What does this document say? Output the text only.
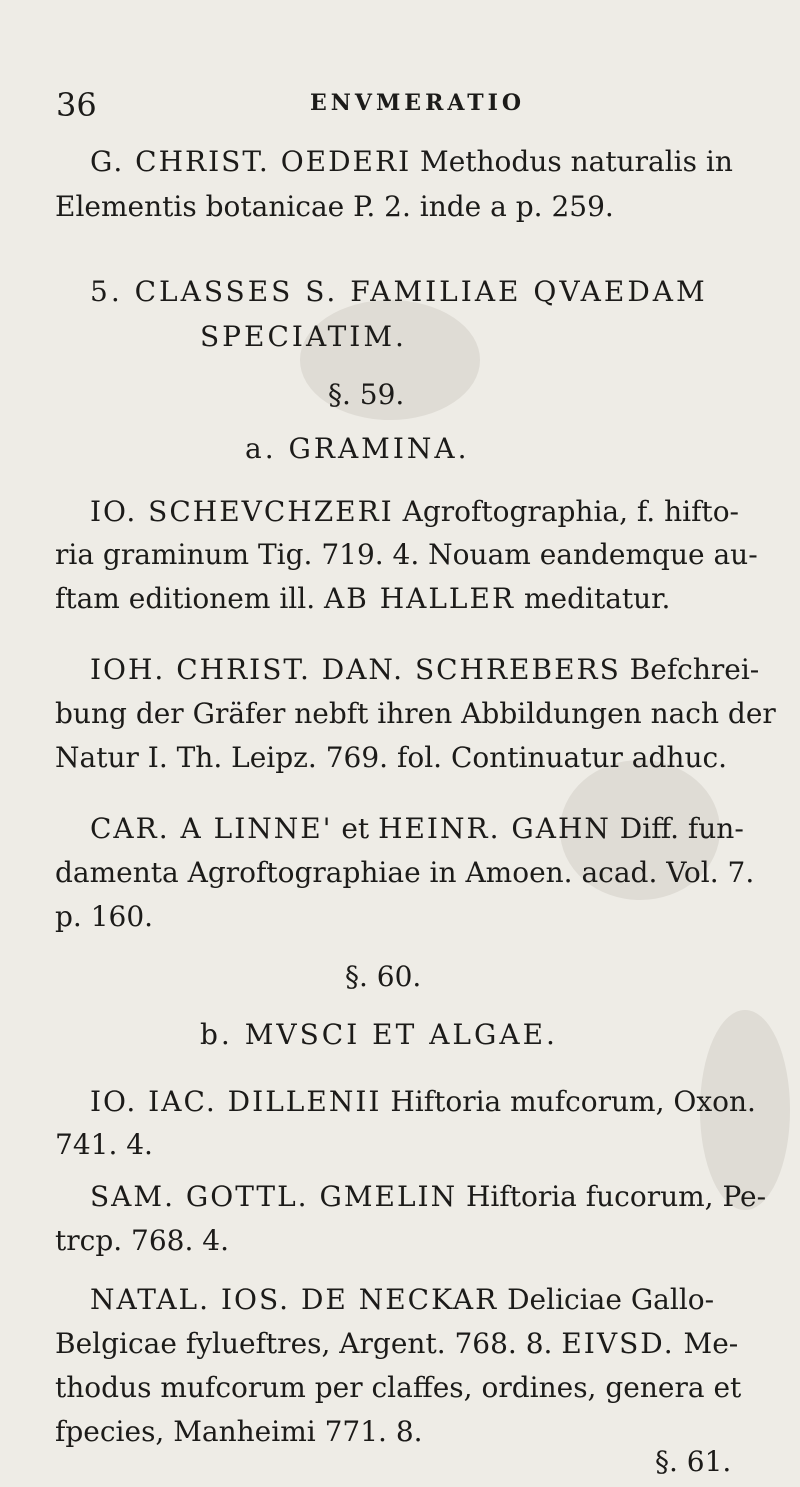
36	ENVMERATIO
G. CHRIST. OEDERI Methodus naturalis in
Elementis botanicae P. 2. inde a p. 259.
5. CLASSES S. FAMILIAE QVAEDAM
SPECIATIM.
§. 59.
a. GRAMINA.
IO. SCHEVCHZERI Agroftographia, f. hifto-
ria graminum Tig. 719. 4. Nouam eandemque au-
ftam editionem ill. AB HALLER meditatur.
IOH. CHRIST. DAN. SCHREBERS Befchrei-
bung der Gräfer nebft ihren Abbildungen nach der
Natur I. Th. Leipz. 769. fol. Continuatur adhuc.
CAR. A LINNE' et HEINR. GAHN Diff. fun-
damenta Agroftographiae in Amoen. acad. Vol. 7.
p. 160.
§. 60.
b. MVSCI ET ALGAE.
IO. IAC. DILLENII Hiftoria mufcorum, Oxon.
741. 4.
SAM. GOTTL. GMELIN Hiftoria fucorum, Pe-
trcp. 768. 4.
NATAL. IOS. DE NECKAR Deliciae Gallo-
Belgicae fylueftres, Argent. 768. 8. EIVSD. Me-
thodus mufcorum per claffes, ordines, genera et
fpecies, Manheimi 771. 8.
§. 61.
